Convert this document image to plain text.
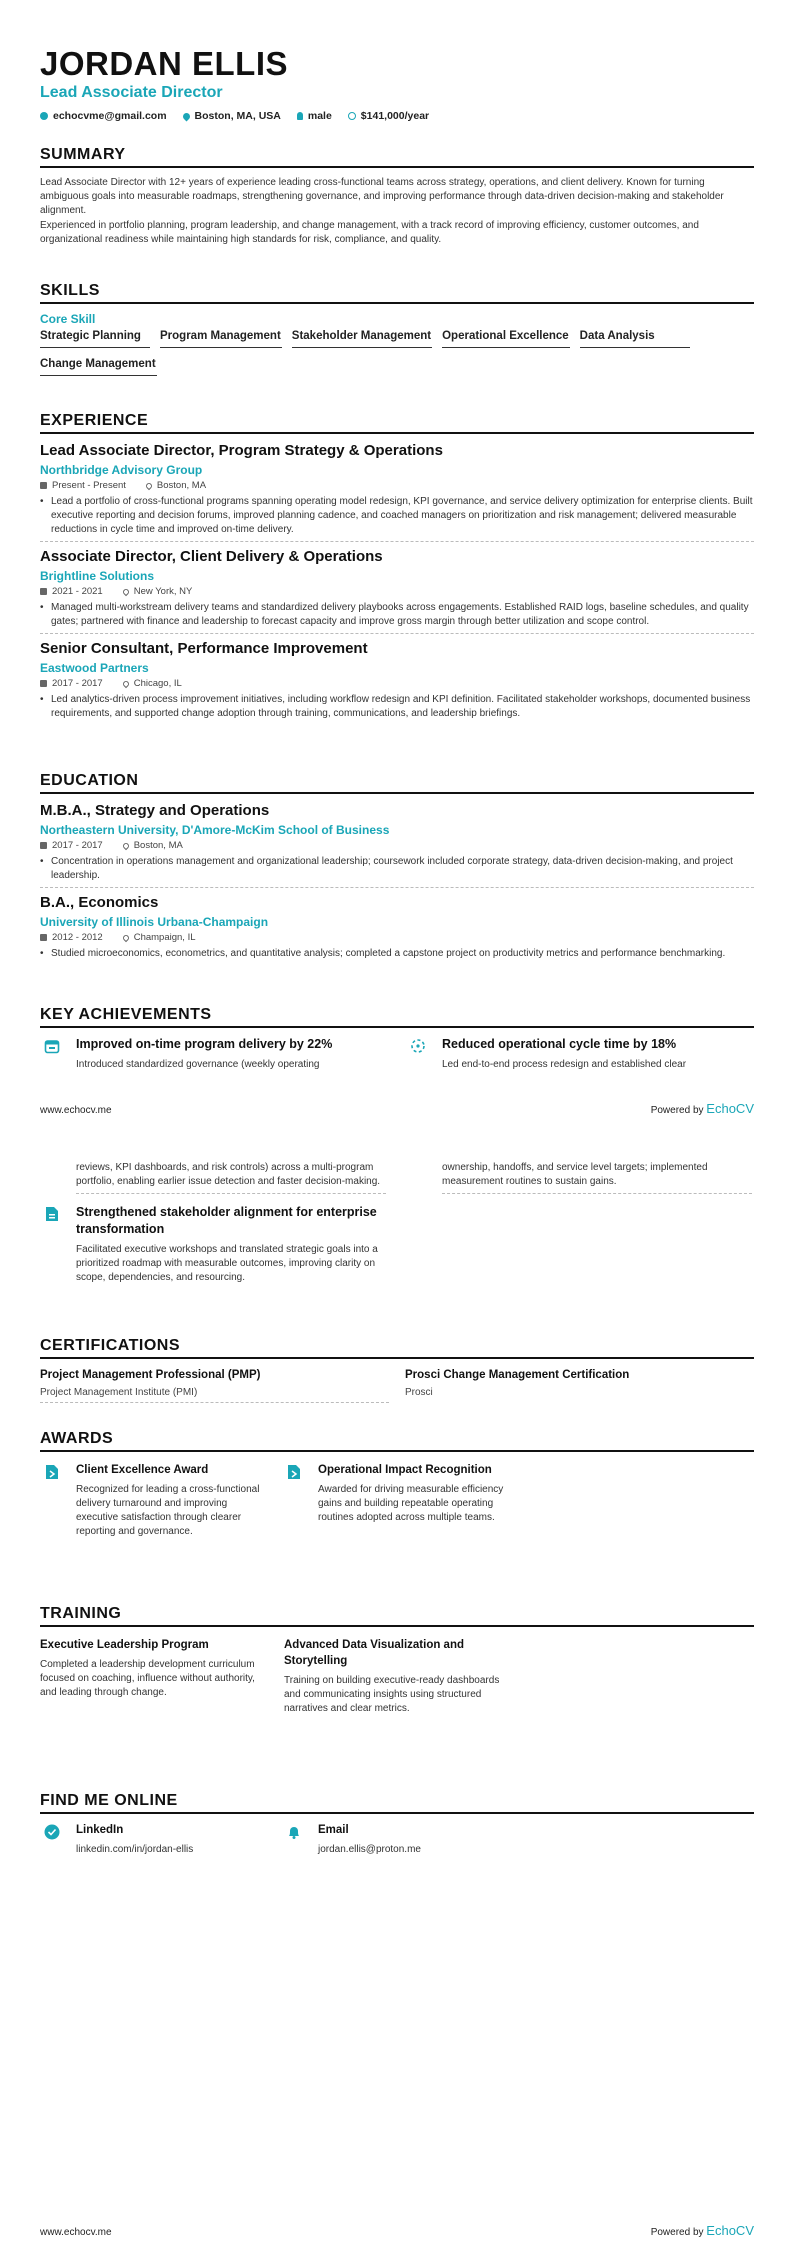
JORDAN ELLIS
Lead Associate Director
echocvme@gmail.com	Boston, MA, USA	male	$141,000/year
SUMMARY
Lead Associate Director with 12+ years of experience leading cross-functional teams across strategy, operations, and client delivery. Known for turning ambiguous goals into measurable roadmaps, strengthening governance, and improving performance through data-driven decision-making and stakeholder alignment.
Experienced in portfolio planning, program leadership, and change management, with a track record of improving efficiency, customer outcomes, and organizational readiness while maintaining high standards for risk, compliance, and quality.
SKILLS
Core Skill
Strategic Planning	Program Management Stakeholder Management Operational Excellence Data Analysis
Change Management
EXPERIENCE
Lead Associate Director, Program Strategy & Operations
Northbridge Advisory Group
Present - Present	Boston, MA
• Lead a portfolio of cross-functional programs spanning operating model redesign, KPI governance, and service delivery optimization for enterprise clients. Built executive reporting and decision forums, improved planning cadence, and coached managers on prioritization and risk management; delivered measurable reductions in cycle time and improved on-time delivery.
Associate Director, Client Delivery & Operations
Brightline Solutions
2021 - 2021	New York, NY
• Managed multi-workstream delivery teams and standardized delivery playbooks across engagements. Established RAID logs, baseline schedules, and quality gates; partnered with finance and leadership to forecast capacity and improve gross margin through better utilization and scope control.
Senior Consultant, Performance Improvement
Eastwood Partners
2017 - 2017	Chicago, IL
• Led analytics-driven process improvement initiatives, including workflow redesign and KPI definition. Facilitated stakeholder workshops, documented business requirements, and supported change adoption through training, communications, and leadership briefings.
EDUCATION
M.B.A., Strategy and Operations
Northeastern University, D'Amore-McKim School of Business
2017 - 2017	Boston, MA
• Concentration in operations management and organizational leadership; coursework included corporate strategy, data-driven decision-making, and project leadership.
B.A., Economics
University of Illinois Urbana-Champaign
2012 - 2012	Champaign, IL
• Studied microeconomics, econometrics, and quantitative analysis; completed a capstone project on productivity metrics and performance benchmarking.
KEY ACHIEVEMENTS
Improved on-time program delivery by 22%
Introduced standardized governance (weekly operating
Reduced operational cycle time by 18%
Led end-to-end process redesign and established clear
www.echocv.me	Powered by EchoCV
reviews, KPI dashboards, and risk controls) across a multi-program portfolio, enabling earlier issue detection and faster decision-making.
ownership, handoffs, and service level targets; implemented measurement routines to sustain gains.
Strengthened stakeholder alignment for enterprise transformation
Facilitated executive workshops and translated strategic goals into a prioritized roadmap with measurable outcomes, improving clarity on scope, dependencies, and resourcing.
CERTIFICATIONS
Project Management Professional (PMP)
Project Management Institute (PMI)
Prosci Change Management Certification
Prosci
AWARDS
Client Excellence Award
Recognized for leading a cross-functional delivery turnaround and improving executive satisfaction through clearer reporting and governance.
Operational Impact Recognition
Awarded for driving measurable efficiency gains and building repeatable operating routines adopted across multiple teams.
TRAINING
Executive Leadership Program
Completed a leadership development curriculum focused on coaching, influence without authority, and leading through change.
Advanced Data Visualization and Storytelling
Training on building executive-ready dashboards and communicating insights using structured narratives and clear metrics.
FIND ME ONLINE
LinkedIn
linkedin.com/in/jordan-ellis
Email
jordan.ellis@proton.me
www.echocv.me	Powered by EchoCV
